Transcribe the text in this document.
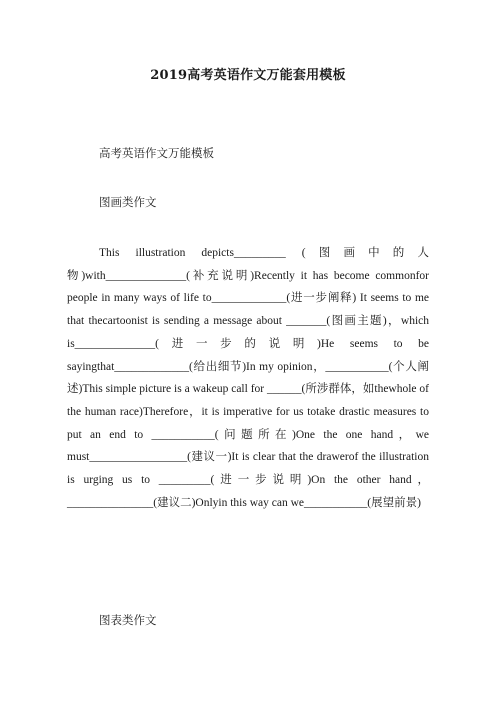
2019高考英语作文万能套用模板
高考英语作文万能模板
图画类作文
This illustration depicts_________ (图画中的人物)with______________(补充说明)Recently it has become commonfor people in many ways of life to_____________(进一步阐释) It seems to me that thecartoonist is sending a message about _______(图画主题)，which is______________(进一步的说明)He seems to be sayingthat_____________(给出细节)In my opinion，___________(个人阐述)This simple picture is a wakeup call for ______(所涉群体，如thewhole of the human race)Therefore，it is imperative for us totake drastic measures to put an end to ___________(问题所在)One the one hand，we must_________________(建议一)It is clear that the drawerof the illustration is urging us to _________(进一步说明)On the other hand，_______________(建议二)Onlyin this way can we___________(展望前景)
图表类作文
